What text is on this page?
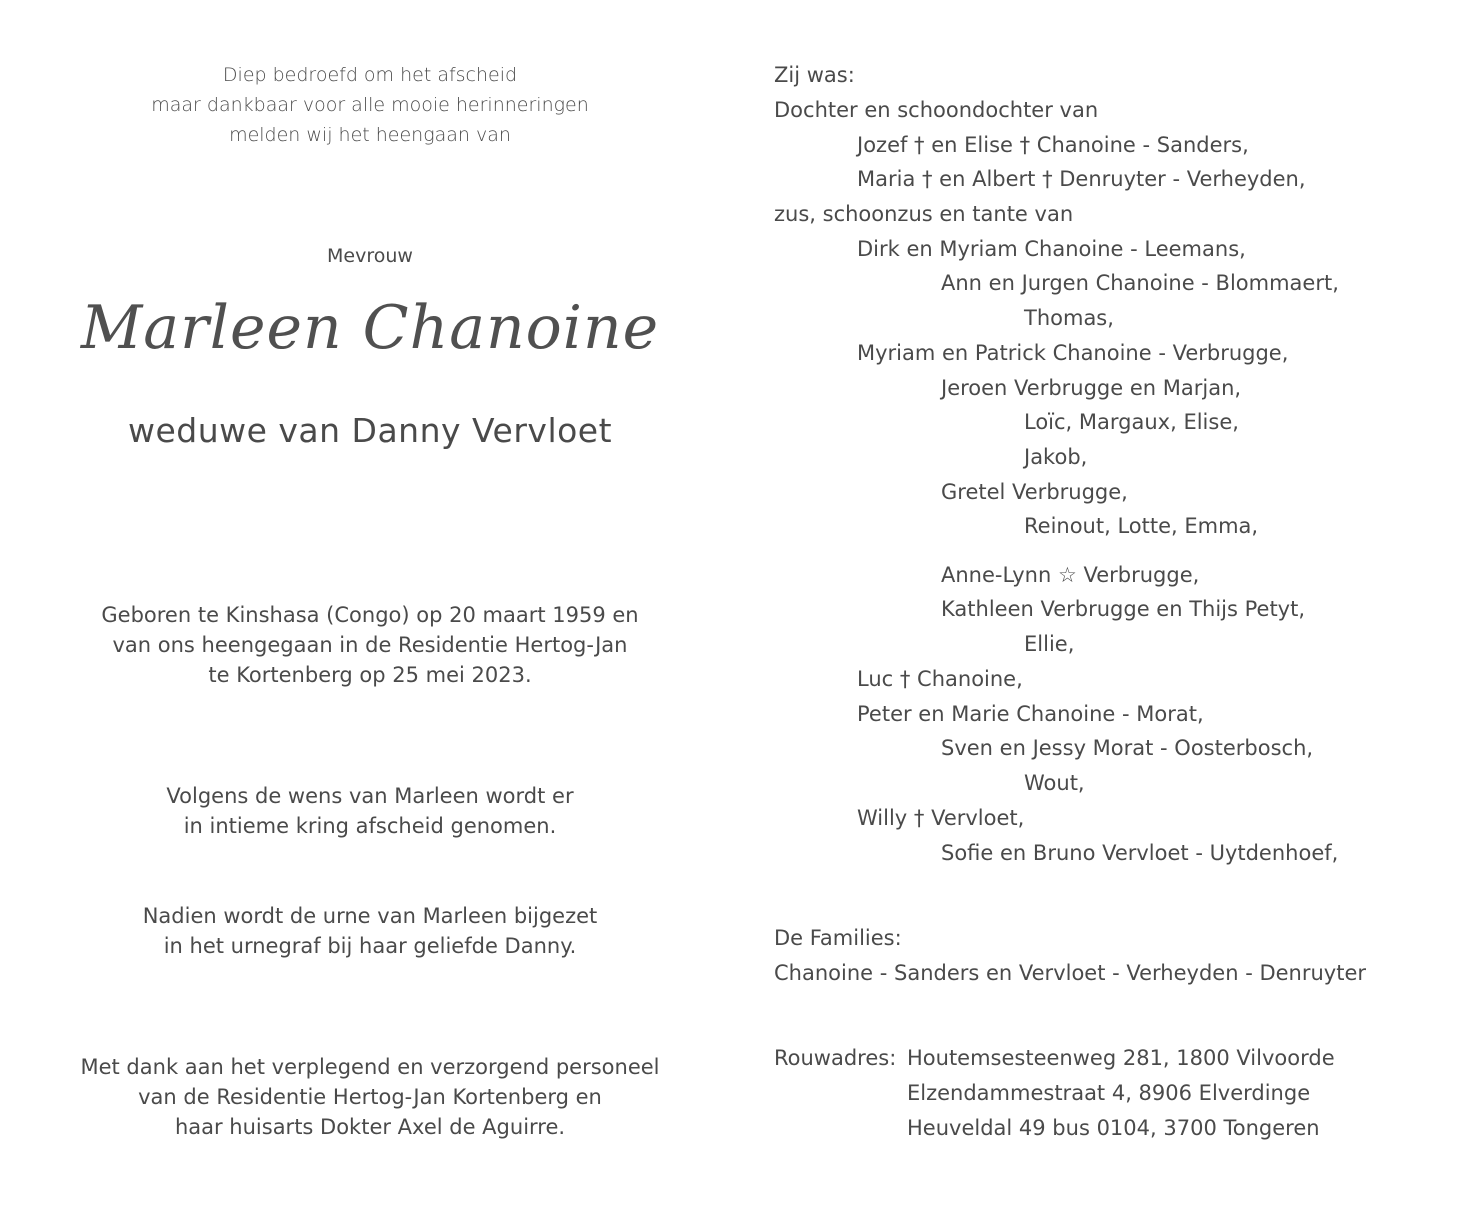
Diep bedroefd om het afscheid
maar dankbaar voor alle mooie herinneringen
melden wij het heengaan van
Mevrouw
Marleen Chanoine
weduwe van Danny Vervloet
Geboren te Kinshasa (Congo) op 20 maart 1959 en
van ons heengegaan in de Residentie Hertog-Jan
te Kortenberg op 25 mei 2023.
Volgens de wens van Marleen wordt er
in intieme kring afscheid genomen.
Nadien wordt de urne van Marleen bijgezet
in het urnegraf bij haar geliefde Danny.
Met dank aan het verplegend en verzorgend personeel
van de Residentie Hertog-Jan Kortenberg en
haar huisarts Dokter Axel de Aguirre.
Zij was:
Dochter en schoondochter van
Jozef † en Elise † Chanoine - Sanders,
Maria † en Albert † Denruyter - Verheyden,
zus, schoonzus en tante van
Dirk en Myriam Chanoine - Leemans,
Ann en Jurgen Chanoine - Blommaert,
Thomas,
Myriam en Patrick Chanoine - Verbrugge,
Jeroen Verbrugge en Marjan,
Loïc, Margaux, Elise,
Jakob,
Gretel Verbrugge,
Reinout, Lotte, Emma,
Anne-Lynn ☆ Verbrugge,
Kathleen Verbrugge en Thijs Petyt,
Ellie,
Luc † Chanoine,
Peter en Marie Chanoine - Morat,
Sven en Jessy Morat - Oosterbosch,
Wout,
Willy † Vervloet,
Sofie en Bruno Vervloet - Uytdenhoef,
De Families:
Chanoine - Sanders en Vervloet - Verheyden - Denruyter
Rouwadres: Houtemsesteenweg 281, 1800 Vilvoorde
Elzendammestraat 4, 8906 Elverdinge
Heuveldal 49 bus 0104, 3700 Tongeren
